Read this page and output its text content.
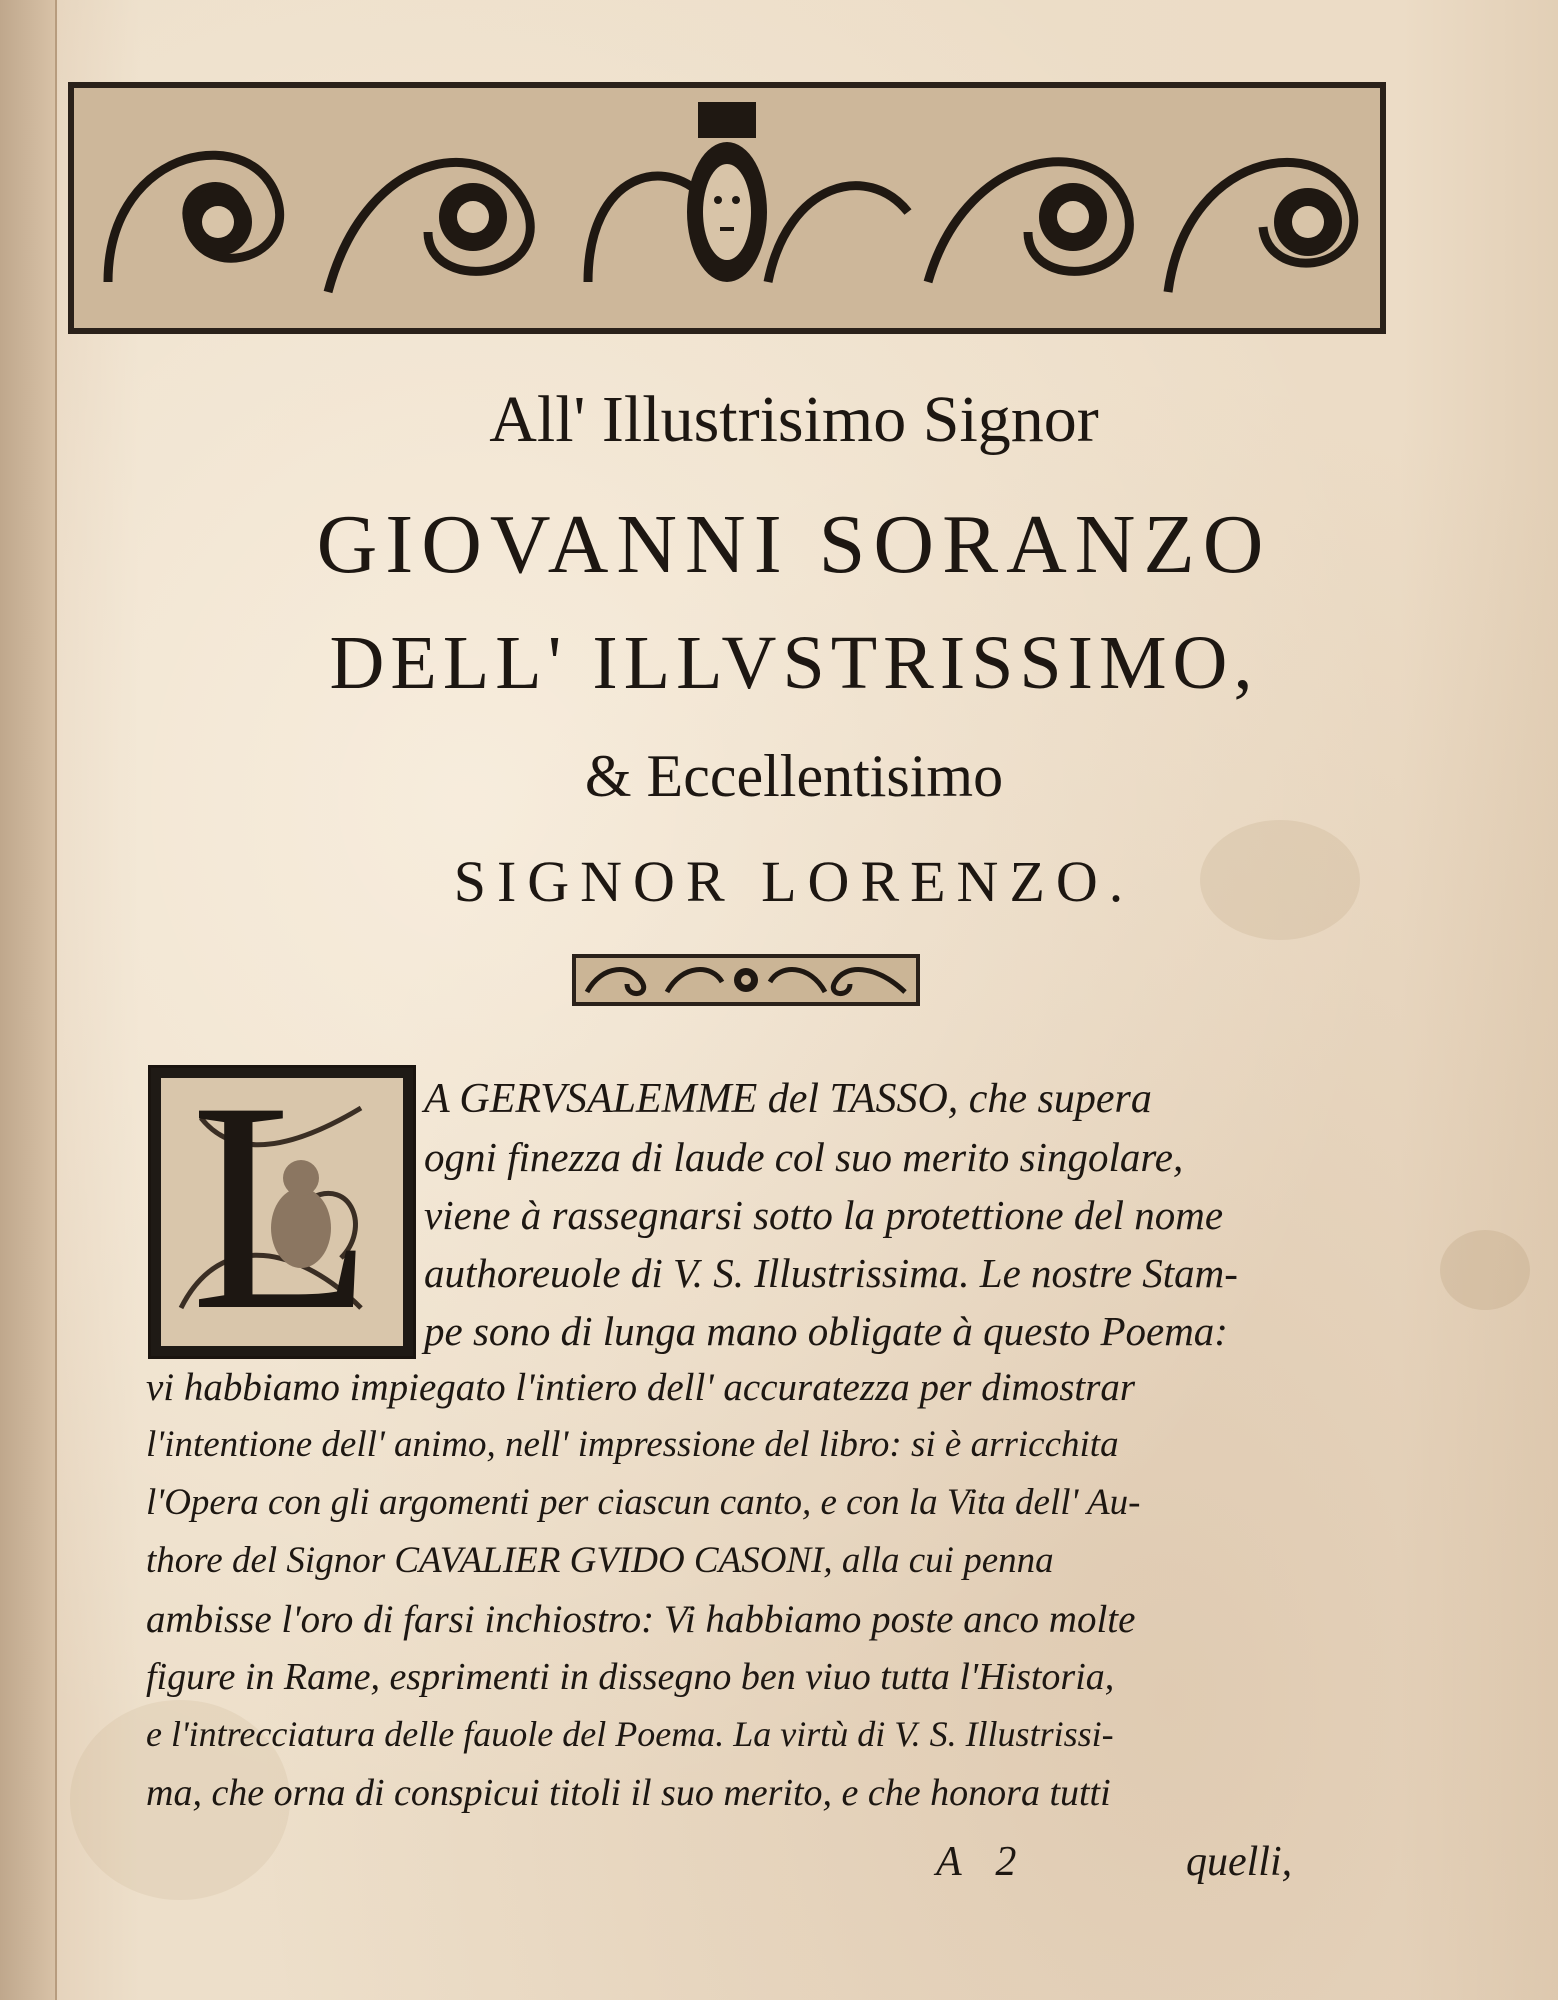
All' Illustrisimo Signor
GIOVANNI SORANZO
DELL' ILLVSTRISSIMO,
& Eccellentisimo
SIGNOR LORENZO.
L	A GERVSALEMME del TASSO, che supera
ogni finezza di laude col suo merito singolare,
viene à rassegnarsi sotto la protettione del nome
authoreuole di V. S. Illustrissima. Le nostre Stam-
pe sono di lunga mano obligate à questo Poema:
vi habbiamo impiegato l'intiero dell' accuratezza per dimostrar
l'intentione dell' animo, nell' impressione del libro: si è arricchita
l'Opera con gli argomenti per ciascun canto, e con la Vita dell' Au-
thore del Signor CAVALIER GVIDO CASONI, alla cui penna
ambisse l'oro di farsi inchiostro: Vi habbiamo poste anco molte
figure in Rame, esprimenti in dissegno ben viuo tutta l'Historia,
e l'intrecciatura delle fauole del Poema. La virtù di V. S. Illustrissi-
ma, che orna di conspicui titoli il suo merito, e che honora tutti
A 2	quelli,
